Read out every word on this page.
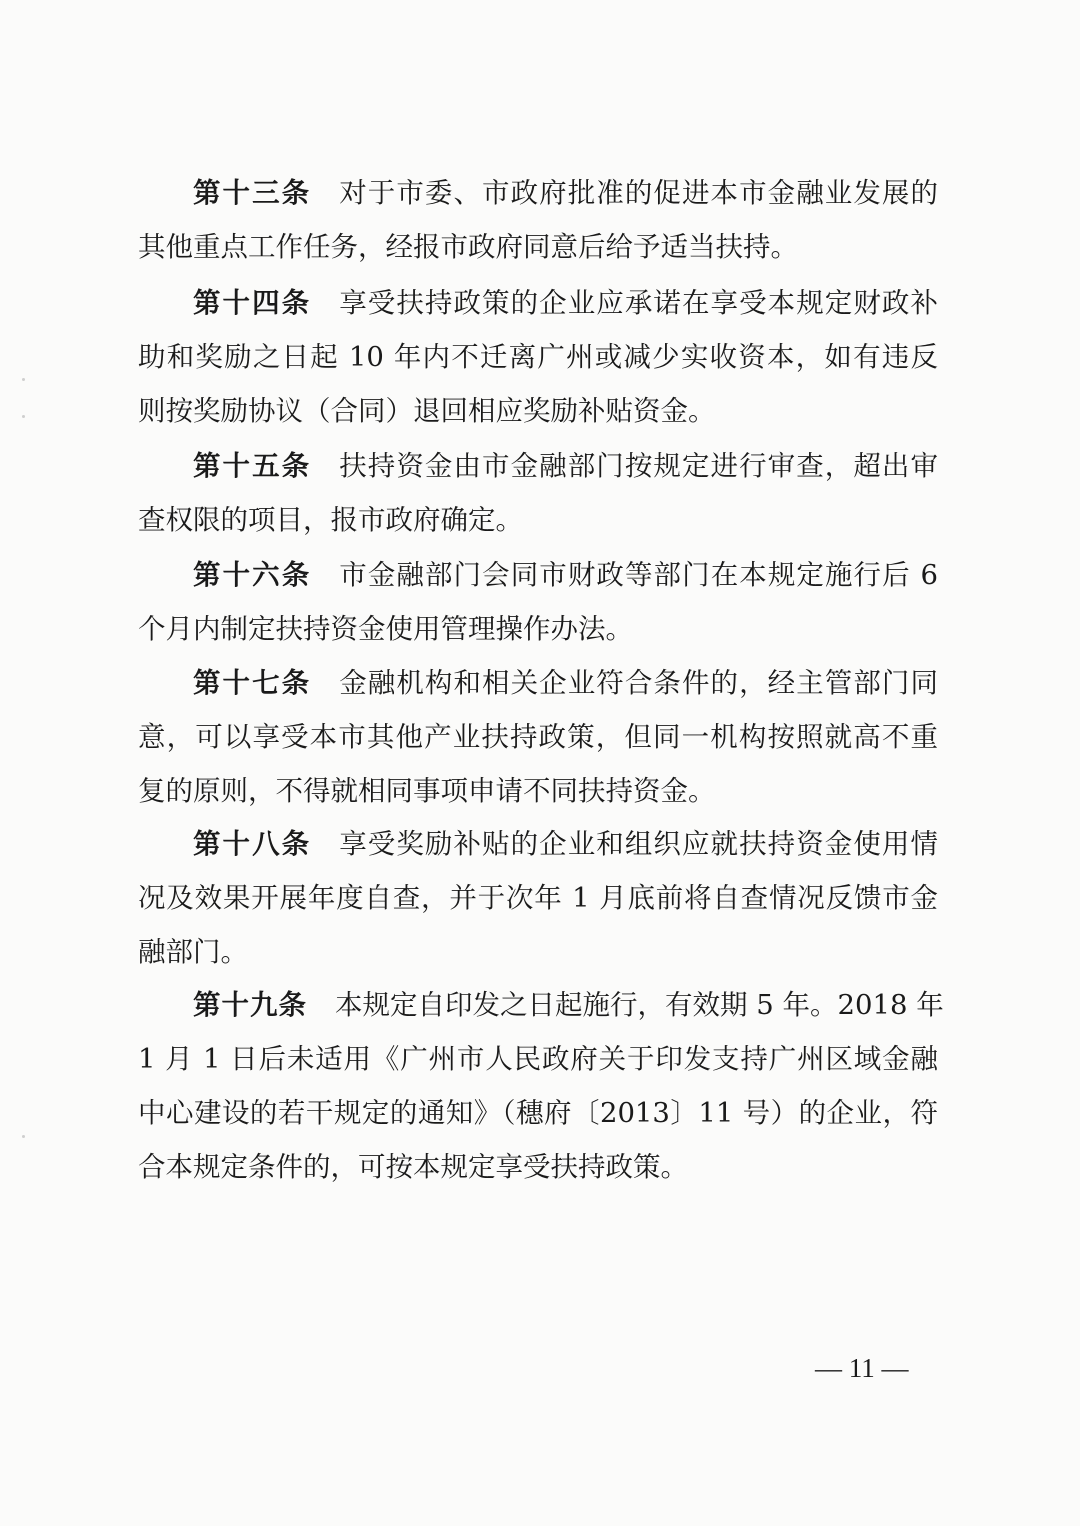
第十三条 对于市委、市政府批准的促进本市金融业发展的
其他重点工作任务，经报市政府同意后给予适当扶持。
第十四条 享受扶持政策的企业应承诺在享受本规定财政补
助和奖励之日起 10 年内不迁离广州或减少实收资本，如有违反
则按奖励协议（合同）退回相应奖励补贴资金。
第十五条 扶持资金由市金融部门按规定进行审查，超出审
查权限的项目，报市政府确定。
第十六条 市金融部门会同市财政等部门在本规定施行后 6
个月内制定扶持资金使用管理操作办法。
第十七条 金融机构和相关企业符合条件的，经主管部门同
意，可以享受本市其他产业扶持政策，但同一机构按照就高不重
复的原则，不得就相同事项申请不同扶持资金。
第十八条 享受奖励补贴的企业和组织应就扶持资金使用情
况及效果开展年度自查，并于次年 1 月底前将自查情况反馈市金
融部门。
第十九条 本规定自印发之日起施行，有效期 5 年。2018 年
1 月 1 日后未适用《广州市人民政府关于印发支持广州区域金融
中心建设的若干规定的通知》（穗府〔2013〕11 号）的企业，符
合本规定条件的，可按本规定享受扶持政策。
— 11 —
